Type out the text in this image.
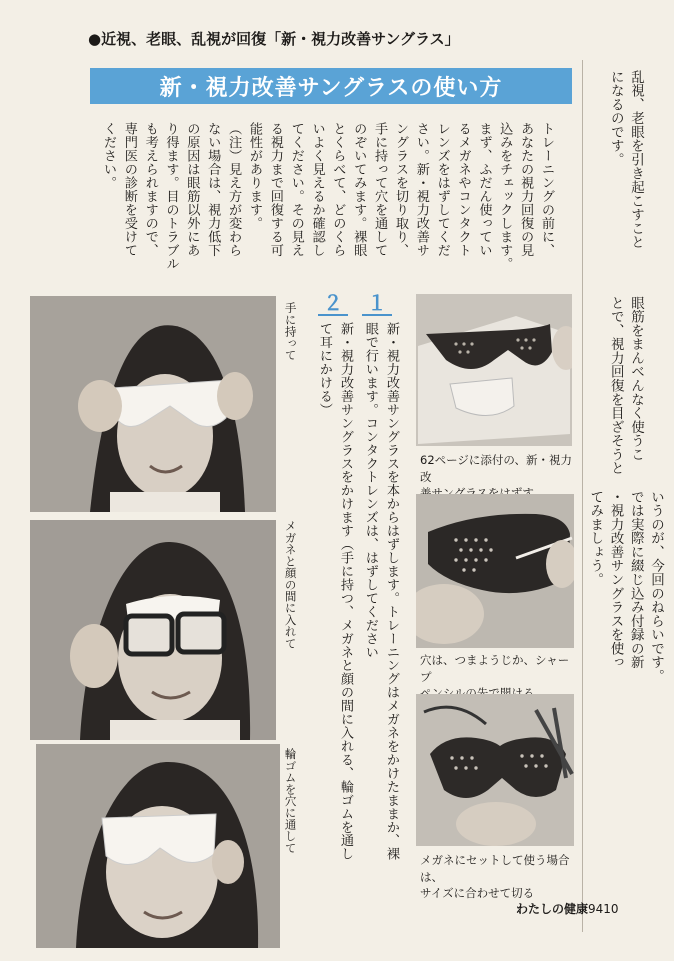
●近視、老眼、乱視が回復「新・視力改善サングラス」
新・視力改善サングラスの使い方
トレーニングの前に、
あなたの視力回復の見
込みをチェックします。
まず、ふだん使ってい
るメガネやコンタクト
レンズをはずしてくだ
さい。新・視力改善サ
ングラスを切り取り、
手に持って穴を通して
のぞいてみます。裸眼
とくらべて、どのくら
いよく見えるか確認し
てください。その見え
る視力まで回復する可
能性があります。
（注）見え方が変わら
ない場合は、視力低下
の原因は眼筋以外にあ
り得ます。目のトラブル
も考えられますので、
専門医の診断を受けて
ください。	乱視、老眼を引き起こすこと
になるのです。
眼筋をまんべんなく使うこ
とで、視力回復を目ざそうと
いうのが、今回のねらいです。
では実際に綴じ込み付録の新
・視力改善サングラスを使っ
てみましょう。
手に持って
メガネと顔の間に入れて
輪ゴムを穴に通して
２ １
新・視力改善サングラスをかけます（手に持つ、メガネと顔の間に入れる、輪ゴムを通し
て耳にかける）	新・視力改善サングラスを本からはずします。トレーニングはメガネをかけたままか、裸
眼で行います。コンタクトレンズは、はずしてください	62ページに添付の、新・視力改
穴は、つまようじか、シャープ
メガネにセットして使う場合は、
サイズに合わせて切る
わたしの健康9410
